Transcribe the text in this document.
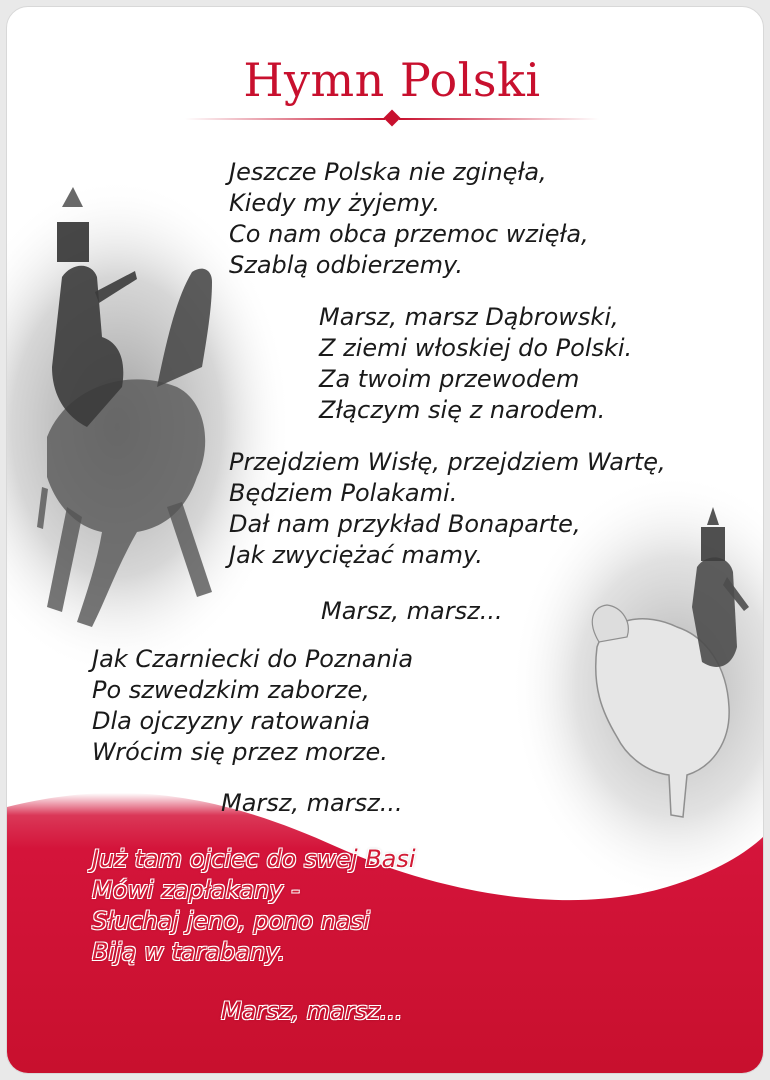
Hymn Polski
Jeszcze Polska nie zginęła,
Kiedy my żyjemy.
Co nam obca przemoc wzięła,
Szablą odbierzemy.
Marsz, marsz Dąbrowski,
Z ziemi włoskiej do Polski.
Za twoim przewodem
Złączym się z narodem.
Przejdziem Wisłę, przejdziem Wartę,
Będziem Polakami.
Dał nam przykład Bonaparte,
Jak zwyciężać mamy.
Marsz, marsz...
Jak Czarniecki do Poznania
Po szwedzkim zaborze,
Dla ojczyzny ratowania
Wrócim się przez morze.
Marsz, marsz...
Już tam ojciec do swej Basi
Mówi zapłakany -
Słuchaj jeno, pono nasi
Biją w tarabany.
Marsz, marsz...
